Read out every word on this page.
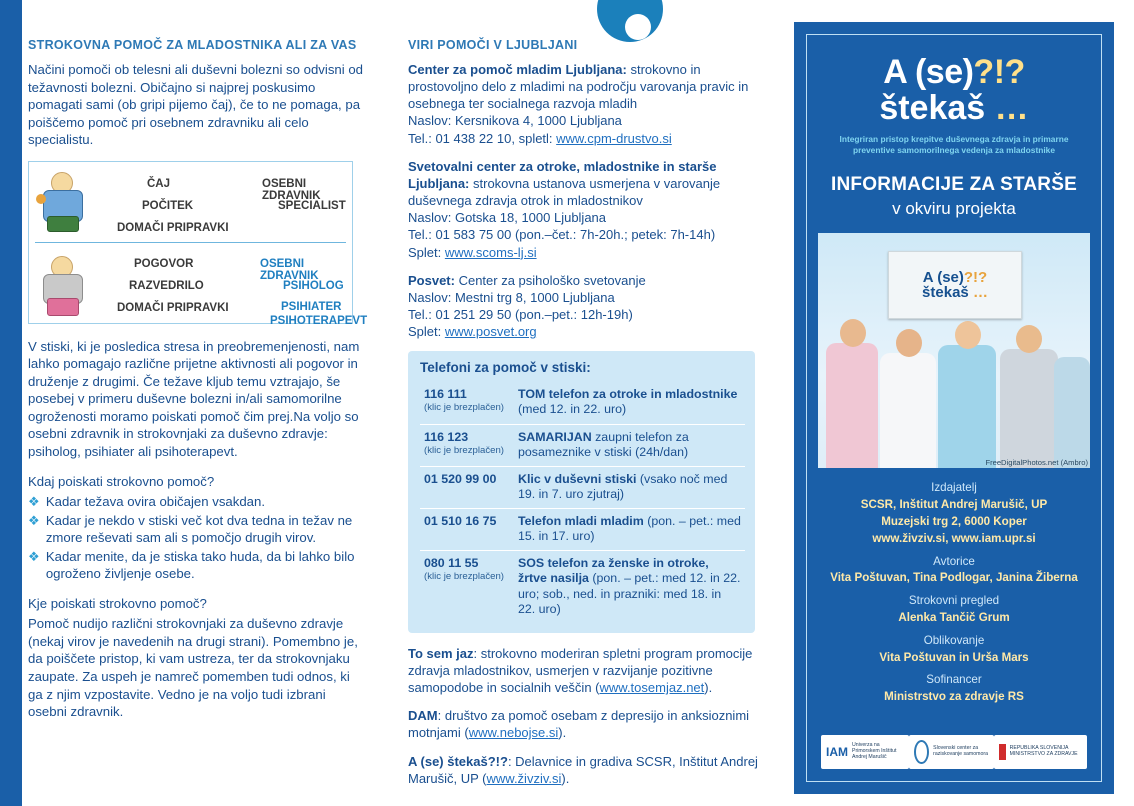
STROKOVNA POMOČ ZA MLADOSTNIKA ALI ZA VAS

Načini pomoči ob telesni ali duševni bolezni so odvisni od težavnosti bolezni. Običajno si najprej poskusimo pomagati sami (ob gripi pijemo čaj), če to ne pomaga, pa poiščemo pomoč pri osebnem zdravniku ali celo specialistu.

ČAJ	OSEBNI ZDRAVNIK
POČITEK	SPECIALIST
DOMAČI PRIPRAVKI
POGOVOR	OSEBNI ZDRAVNIK
RAZVEDRILO	PSIHOLOG
DOMAČI PRIPRAVKI	PSIHIATER
PSIHOTERAPEVT

V stiski, ki je posledica stresa in preobremenjenosti, nam lahko pomagajo različne prijetne aktivnosti ali pogovor in druženje z drugimi. Če težave kljub temu vztrajajo, še posebej v primeru duševne bolezni in/ali samomorilne ogroženosti moramo poiskati pomoč čim prej.Na voljo so osebni zdravnik in strokovnjaki za duševno zdravje: psiholog, psihiater ali psihoterapevt.

Kdaj poiskati strokovno pomoč?

❖ Kadar težava ovira običajen vsakdan.
❖ Kadar je nekdo v stiski več kot dva tedna in težav ne zmore reševati sam ali s pomočjo drugih virov.
❖ Kadar menite, da je stiska tako huda, da bi lahko bilo ogroženo življenje osebe.

Kje poiskati strokovno pomoč?

Pomoč nudijo različni strokovnjaki za duševno zdravje (nekaj virov je navedenih na drugi strani). Pomembno je, da poiščete pristop, ki vam ustreza, ter da strokovnjaku zaupate. Za uspeh je namreč pomemben tudi odnos, ki ga z njim vzpostavite. Vedno je na voljo tudi izbrani osebni zdravnik.

VIRI POMOČI V LJUBLJANI
Center za pomoč mladim Ljubljana: strokovno in prostovoljno delo z mladimi na področju varovanja pravic in osebnega ter socialnega razvoja mladih
Naslov: Kersnikova 4, 1000 Ljubljana
Tel.: 01 438 22 10, spletl: www.cpm-drustvo.si
Svetovalni center za otroke, mladostnike in starše Ljubljana: strokovna ustanova usmerjena v varovanje duševnega zdravja otrok in mladostnikov
Naslov: Gotska 18, 1000 Ljubljana
Tel.: 01 583 75 00 (pon.–čet.: 7h-20h.; petek: 7h-14h)
Splet: www.scoms-lj.si
Posvet: Center za psihološko svetovanje
Naslov: Mestni trg 8, 1000 Ljubljana
Tel.: 01 251 29 50 (pon.–pet.: 12h-19h)
Splet: www.posvet.org
Telefoni za pomoč v stiski:
116 111
(klic je brezplačen)	TOM telefon za otroke in mladostnike (med 12. in 22. uro)
116 123
(klic je brezplačen)	SAMARIJAN zaupni telefon za posameznike v stiski (24h/dan)
01 520 99 00	Klic v duševni stiski (vsako noč med 19. in 7. uro zjutraj)
01 510 16 75	Telefon mladi mladim (pon. – pet.: med 15. in 17. uro)
080 11 55
(klic je brezplačen)	SOS telefon za ženske in otroke, žrtve nasilja (pon. – pet.: med 12. in 22. uro; sob., ned. in prazniki: med 18. in 22. uro)
To sem jaz: strokovno moderiran spletni program promocije zdravja mladostnikov, usmerjen v razvijanje pozitivne samopodobe in socialnih veščin (www.tosemjaz.net).
DAM: društvo za pomoč osebam z depresijo in anksioznimi motnjami (www.nebojse.si).
A (se) štekaš?!?: Delavnice in gradiva SCSR, Inštitut Andrej Marušič, UP (www.živziv.si).
A (se)?!?
štekaš …
Integriran pristop krepitve duševnega zdravja in primarne preventive samomorilnega vedenja za mladostnike
INFORMACIJE ZA STARŠE

v okviru projekta

A (se)?!?
štekaš …
FreeDigitalPhotos.net (Ambro)
Izdajatelj
SCSR, Inštitut Andrej Marušič, UP
Muzejski trg 2, 6000 Koper
www.živziv.si, www.iam.upr.si
Avtorice
Vita Poštuvan, Tina Podlogar, Janina Žiberna
Strokovni pregled
Alenka Tančič Grum
Oblikovanje
Vita Poštuvan in Urša Mars
Sofinancer
Ministrstvo za zdravje RS
IAM Univerza na Primorskem Inštitut Andrej Marušič
Slovenski center za raziskovanje samomora
REPUBLIKA SLOVENIJA MINISTRSTVO ZA ZDRAVJE
